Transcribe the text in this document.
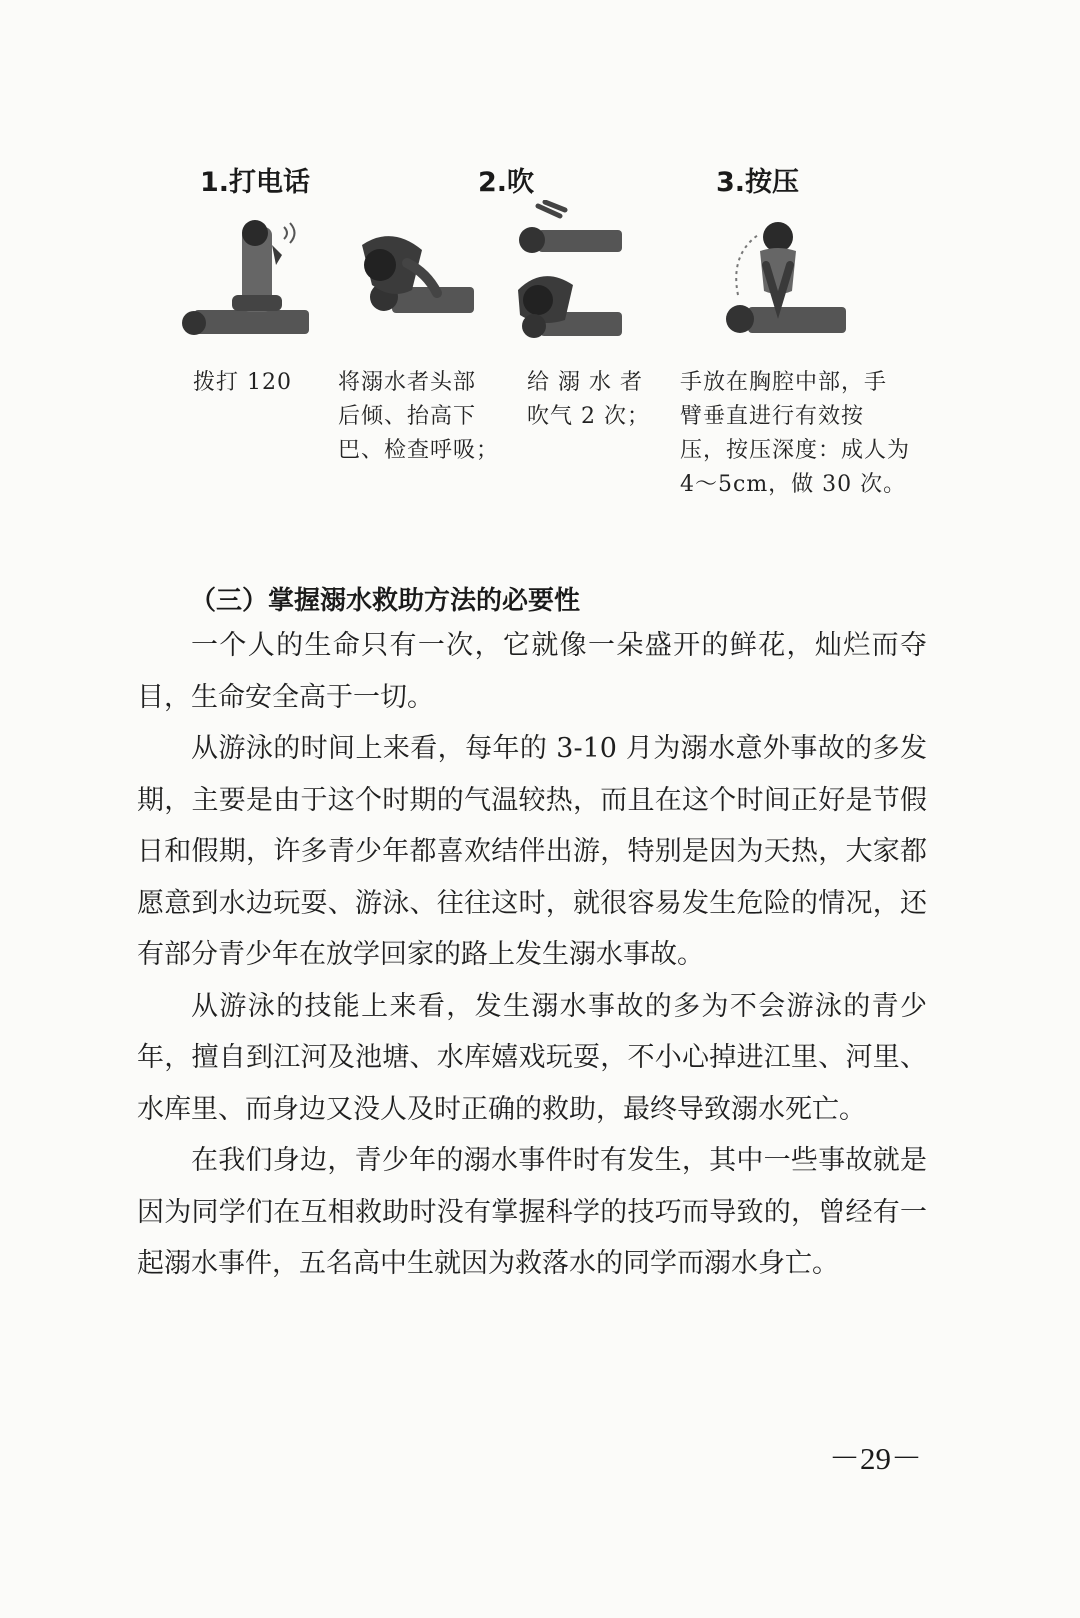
1.打电话	2.吹	3.按压
拨打 120 将溺水者头部
后倾、抬高下
巴、检查呼吸；
给 溺 水 者
吹气 2 次；
手放在胸腔中部，手
臂垂直进行有效按
压，按压深度：成人为
4～5cm，做 30 次。
（三）掌握溺水救助方法的必要性

一个人的生命只有一次，它就像一朵盛开的鲜花，灿烂而夺目，生命安全高于一切。

从游泳的时间上来看，每年的 3-10 月为溺水意外事故的多发期，主要是由于这个时期的气温较热，而且在这个时间正好是节假日和假期，许多青少年都喜欢结伴出游，特别是因为天热，大家都愿意到水边玩耍、游泳、往往这时，就很容易发生危险的情况，还有部分青少年在放学回家的路上发生溺水事故。

从游泳的技能上来看，发生溺水事故的多为不会游泳的青少年，擅自到江河及池塘、水库嬉戏玩耍，不小心掉进江里、河里、水库里、而身边又没人及时正确的救助，最终导致溺水死亡。

在我们身边，青少年的溺水事件时有发生，其中一些事故就是因为同学们在互相救助时没有掌握科学的技巧而导致的，曾经有一起溺水事件，五名高中生就因为救落水的同学而溺水身亡。

－29－
